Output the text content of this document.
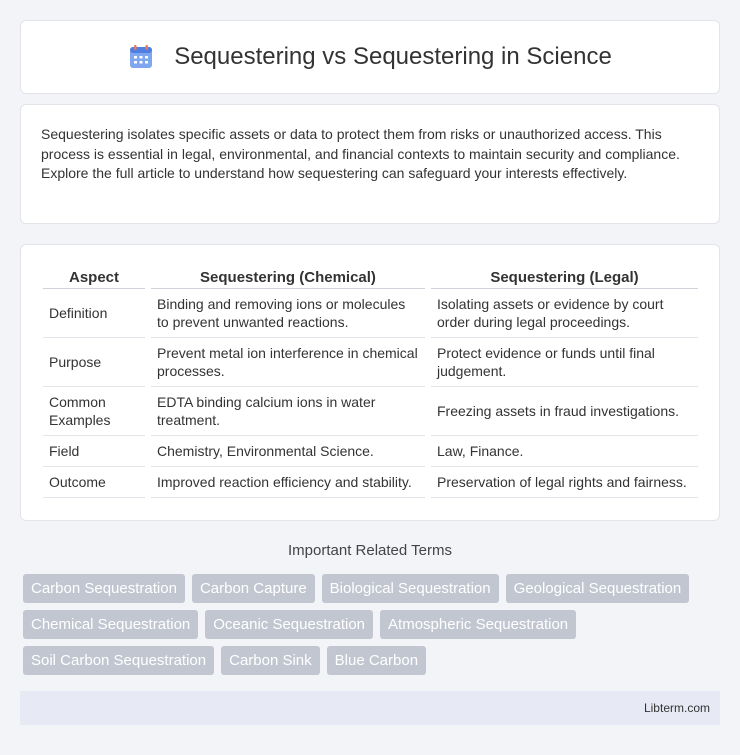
Sequestering vs Sequestering in Science

Sequestering isolates specific assets or data to protect them from risks or unauthorized access. This process is essential in legal, environmental, and financial contexts to maintain security and compliance. Explore the full article to understand how sequestering can safeguard your interests effectively.

Aspect	Sequestering (Chemical)	Sequestering (Legal)
Definition	Binding and removing ions or molecules to prevent unwanted reactions.	Isolating assets or evidence by court order during legal proceedings.
Purpose	Prevent metal ion interference in chemical processes.	Protect evidence or funds until final judgement.
Common Examples	EDTA binding calcium ions in water treatment.	Freezing assets in fraud investigations.
Field	Chemistry, Environmental Science.	Law, Finance.
Outcome	Improved reaction efficiency and stability.	Preservation of legal rights and fairness.
Important Related Terms
Carbon Sequestration	Carbon Capture	Biological Sequestration	Geological Sequestration
Chemical Sequestration	Oceanic Sequestration	Atmospheric Sequestration
Soil Carbon Sequestration	Carbon Sink	Blue Carbon
Libterm.com
